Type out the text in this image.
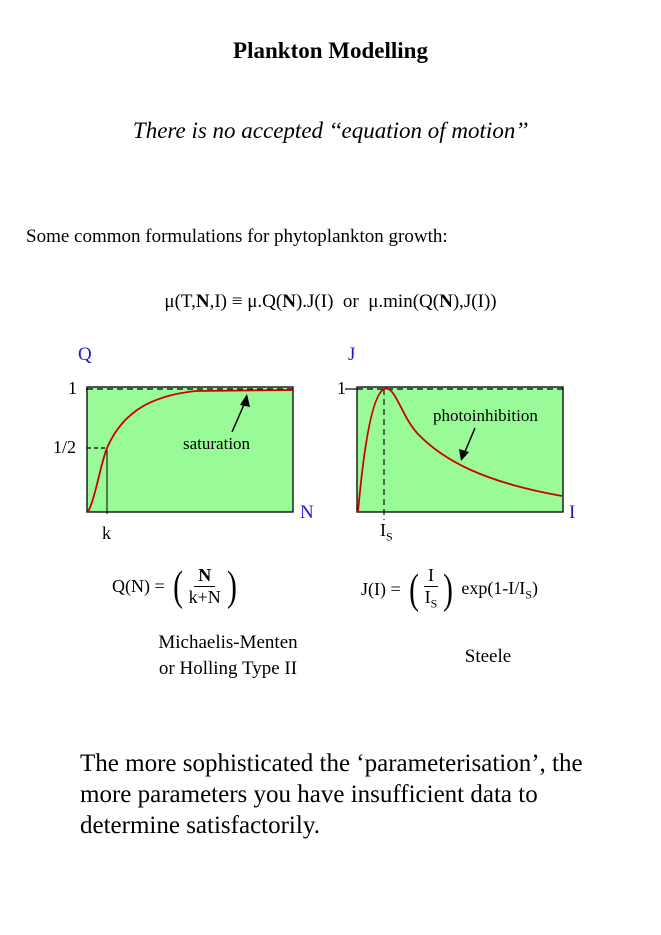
Plankton Modelling
There is no accepted ‘‘equation of motion’’
Some common formulations for phytoplankton growth:
μ(T,N,I) ≡ μ.Q(N).J(I)  or  μ.min(Q(N),J(I))
Q
N
1
1/2
k
saturation
J
I
1
$I_S$
photoinhibition
Q(N) = ( $\frac{N}{k+N}$ )	J(I) = ( $\frac{I}{I_S}$ ) $\exp(1-I/I_S)$
Michaelis-Menten
or Holling Type II
Steele
The more sophisticated the ‘parameterisation’, the more parameters you have insufficient data to determine satisfactorily.
